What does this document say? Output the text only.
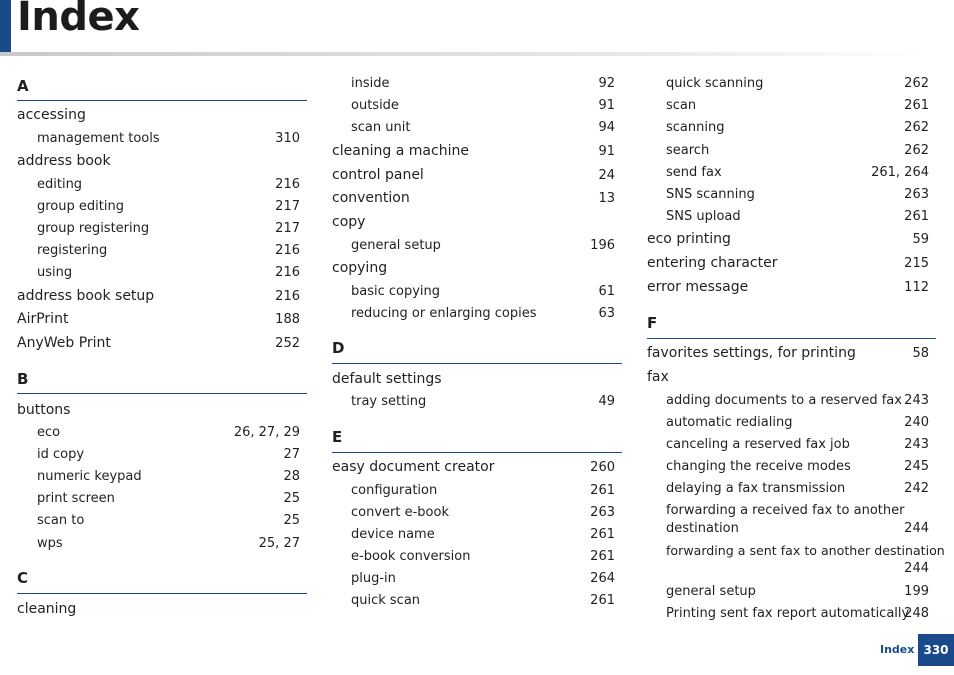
Index
A
accessing
management tools	310
address book
editing	216
group editing	217
group registering	217
registering	216
using	216
address book setup	216
AirPrint	188
AnyWeb Print	252
B
buttons
eco	26, 27, 29
id copy	27
numeric keypad	28
print screen	25
scan to	25
wps	25, 27
C
cleaning
inside	92
outside	91
scan unit	94
cleaning a machine	91
control panel	24
convention	13
copy
general setup	196
copying
basic copying	61
reducing or enlarging copies	63
D
default settings
tray setting	49
E
easy document creator	260
configuration	261
convert e-book	263
device name	261
e-book conversion	261
plug-in	264
quick scan	261
quick scanning	262
scan	261
scanning	262
search	262
send fax	261, 264
SNS scanning	263
SNS upload	261
eco printing	59
entering character	215
error message	112
F
favorites settings, for printing	58
fax
adding documents to a reserved fax 243
automatic redialing	240
canceling a reserved fax job	243
changing the receive modes	245
delaying a fax transmission	242
forwarding a received fax to another
destination	244
forwarding a sent fax to another destination
244
general setup	199
Printing sent fax report automatically
248
Index 330
